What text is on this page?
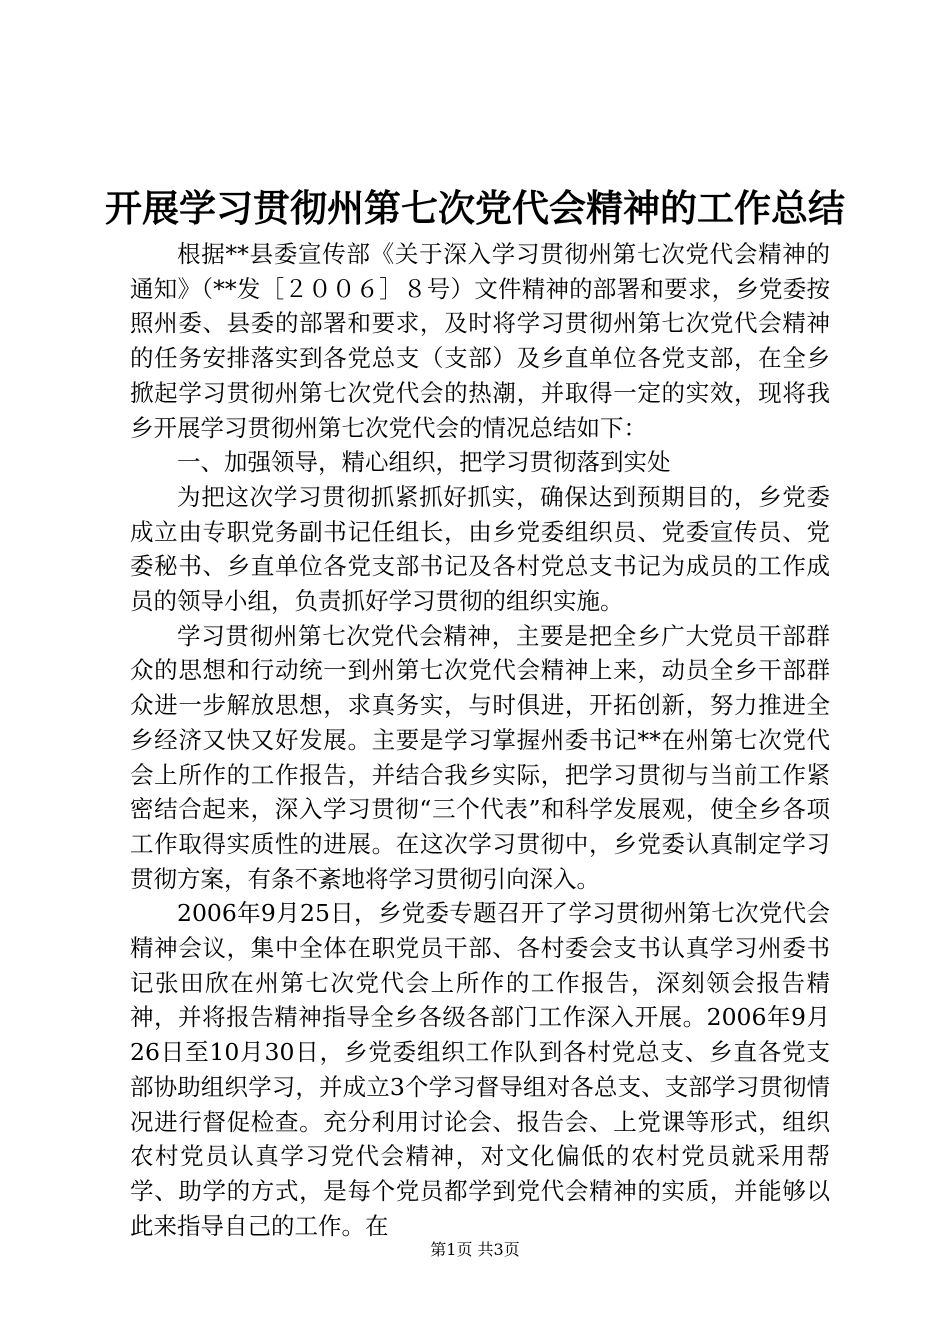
开展学习贯彻州第七次党代会精神的工作总结

根据**县委宣传部《关于深入学习贯彻州第七次党代会精神的通知》（**发［２００６］８号）文件精神的部署和要求，乡党委按照州委、县委的部署和要求，及时将学习贯彻州第七次党代会精神的任务安排落实到各党总支（支部）及乡直单位各党支部，在全乡掀起学习贯彻州第七次党代会的热潮，并取得一定的实效，现将我乡开展学习贯彻州第七次党代会的情况总结如下：

一、加强领导，精心组织，把学习贯彻落到实处

为把这次学习贯彻抓紧抓好抓实，确保达到预期目的，乡党委成立由专职党务副书记任组长，由乡党委组织员、党委宣传员、党委秘书、乡直单位各党支部书记及各村党总支书记为成员的工作成员的领导小组，负责抓好学习贯彻的组织实施。

学习贯彻州第七次党代会精神，主要是把全乡广大党员干部群众的思想和行动统一到州第七次党代会精神上来，动员全乡干部群众进一步解放思想，求真务实，与时俱进，开拓创新，努力推进全乡经济又快又好发展。主要是学习掌握州委书记**在州第七次党代会上所作的工作报告，并结合我乡实际，把学习贯彻与当前工作紧密结合起来，深入学习贯彻“三个代表”和科学发展观，使全乡各项工作取得实质性的进展。在这次学习贯彻中，乡党委认真制定学习贯彻方案，有条不紊地将学习贯彻引向深入。

2006年9月25日，乡党委专题召开了学习贯彻州第七次党代会精神会议，集中全体在职党员干部、各村委会支书认真学习州委书记张田欣在州第七次党代会上所作的工作报告，深刻领会报告精神，并将报告精神指导全乡各级各部门工作深入开展。2006年9月26日至10月30日，乡党委组织工作队到各村党总支、乡直各党支部协助组织学习，并成立3个学习督导组对各总支、支部学习贯彻情况进行督促检查。充分利用讨论会、报告会、上党课等形式，组织农村党员认真学习党代会精神，对文化偏低的农村党员就采用帮学、助学的方式，是每个党员都学到党代会精神的实质，并能够以此来指导自己的工作。在

第1页 共3页
